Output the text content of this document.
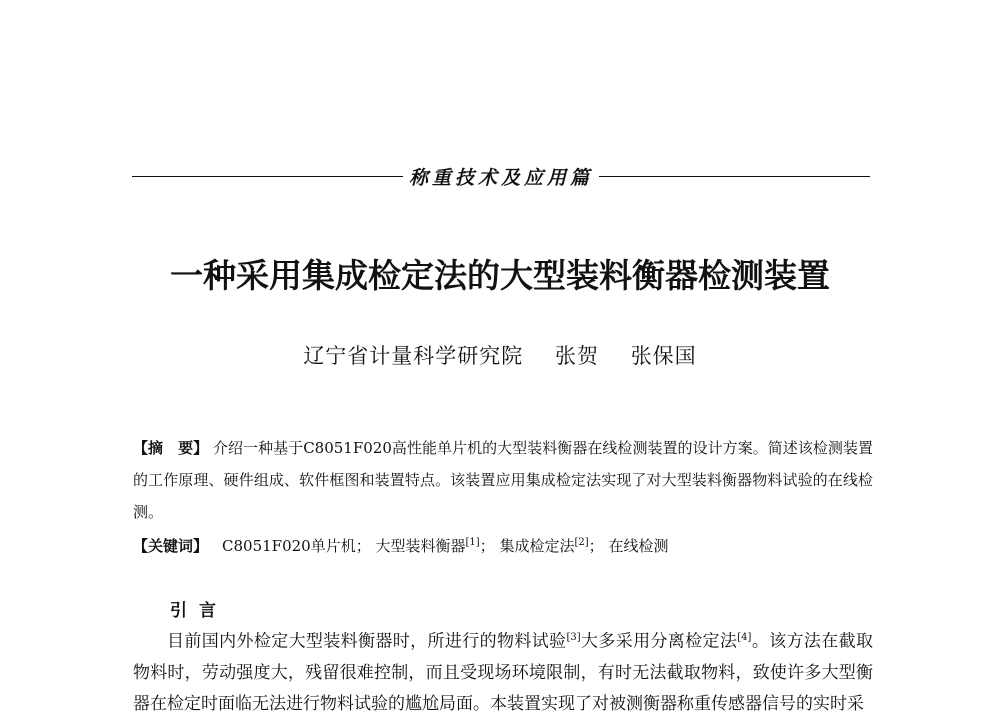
称重技术及应用篇
一种采用集成检定法的大型装料衡器检测装置
辽宁省计量科学研究院 张贺 张保国
【摘　要】 介绍一种基于C8051F020高性能单片机的大型装料衡器在线检测装置的设计方案。简述该检测装置的工作原理、硬件组成、软件框图和装置特点。该装置应用集成检定法实现了对大型装料衡器物料试验的在线检测。
【关键词】 C8051F020单片机； 大型装料衡器[1]； 集成检定法[2]； 在线检测
引言
目前国内外检定大型装料衡器时，所进行的物料试验[3]大多采用分离检定法[4]。该方法在截取物料时，劳动强度大，残留很难控制，而且受现场环境限制，有时无法截取物料，致使许多大型衡器在检定时面临无法进行物料试验的尴尬局面。本装置实现了对被测衡器称重传感器信号的实时采
